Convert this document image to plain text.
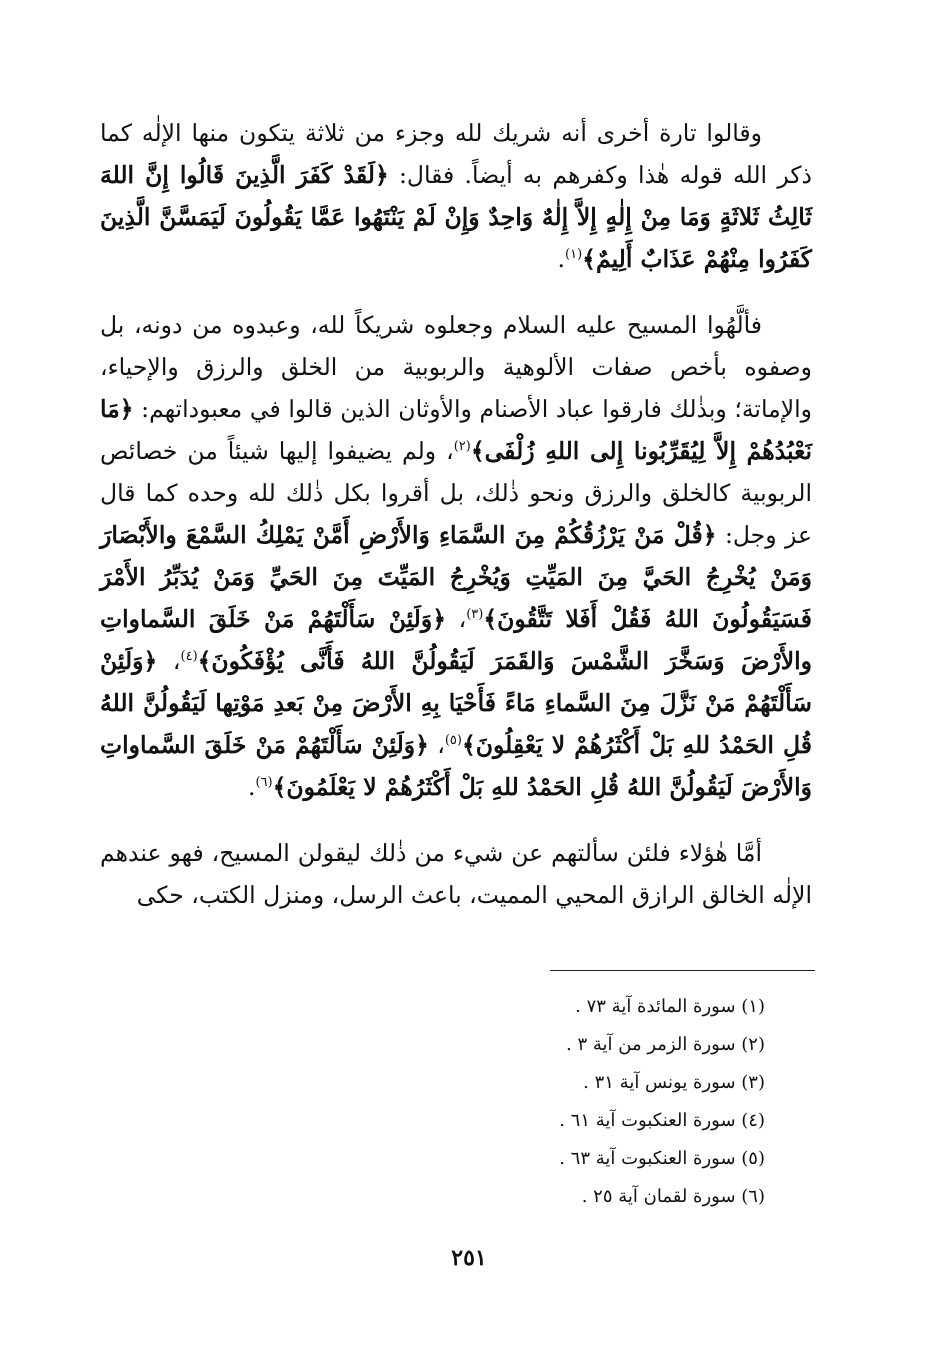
وقالوا تارة أخرى أنه شريك لله وجزء من ثلاثة يتكون منها الإلٰه كما ذكر الله قوله هٰذا وكفرهم به أيضاً. فقال: ﴿لَقَدْ كَفَرَ الَّذِينَ قَالُوا إِنَّ اللهَ ثَالِثُ ثَلاثَةٍ وَمَا مِنْ إِلٰهٍ إِلاَّ إِلٰهٌ وَاحِدٌ وَإِنْ لَمْ يَنْتَهُوا عَمَّا يَقُولُونَ لَيَمَسَّنَّ الَّذِينَ كَفَرُوا مِنْهُمْ عَذَابٌ أَلِيمٌ﴾$^{(١)}$.

فألَّهُوا المسيح عليه السلام وجعلوه شريكاً لله، وعبدوه من دونه، بل وصفوه بأخص صفات الألوهية والربوبية من الخلق والرزق والإحياء، والإماتة؛ وبذٰلك فارقوا عباد الأصنام والأوثان الذين قالوا في معبوداتهم: ﴿مَا نَعْبُدُهُمْ إِلاَّ لِيُقَرِّبُونا إِلى اللهِ زُلْفَى﴾$^{(٢)}$، ولم يضيفوا إليها شيئاً من خصائص الربوبية كالخلق والرزق ونحو ذٰلك، بل أقروا بكل ذٰلك لله وحده كما قال عز وجل: ﴿قُلْ مَنْ يَرْزُقُكُمْ مِنَ السَّمَاءِ وَالأَرْضِ أَمَّنْ يَمْلِكُ السَّمْعَ والأَبْصَارَ وَمَنْ يُخْرِجُ الحَيَّ مِنَ المَيِّتِ وَيُخْرِجُ المَيِّتَ مِنَ الحَيِّ وَمَنْ يُدَبِّرُ الأَمْرَ فَسَيَقُولُونَ اللهُ فَقُلْ أَفَلا تَتَّقُونَ﴾$^{(٣)}$، ﴿وَلَئِنْ سَأَلْتَهُمْ مَنْ خَلَقَ السَّماواتِ والأَرْضَ وَسَخَّرَ الشَّمْسَ وَالقَمَرَ لَيَقُولُنَّ اللهُ فَأَنَّى يُؤْفَكُونَ﴾$^{(٤)}$، ﴿وَلَئِنْ سَأَلْتَهُمْ مَنْ نَزَّلَ مِنَ السَّماءِ مَاءً فَأَحْيَا بِهِ الأَرْضَ مِنْ بَعدِ مَوْتِها لَيَقُولُنَّ اللهُ قُلِ الحَمْدُ للهِ بَلْ أَكْثَرُهُمْ لا يَعْقِلُونَ﴾$^{(٥)}$، ﴿وَلَئِنْ سَأَلْتَهُمْ مَنْ خَلَقَ السَّماواتِ وَالأَرْضَ لَيَقُولُنَّ اللهُ قُلِ الحَمْدُ للهِ بَلْ أَكْثَرُهُمْ لا يَعْلَمُونَ﴾$^{(٦)}$.

أمَّا هٰؤلاء فلئن سألتهم عن شيء من ذٰلك ليقولن المسيح، فهو عندهم الإلٰه الخالق الرازق المحيي المميت، باعث الرسل، ومنزل الكتب، حكى

(١) سورة المائدة آية ٧٣ .
(٢) سورة الزمر من آية ٣ .
(٣) سورة يونس آية ٣١ .
(٤) سورة العنكبوت آية ٦١ .
(٥) سورة العنكبوت آية ٦٣ .
(٦) سورة لقمان آية ٢٥ .
٢٥١
